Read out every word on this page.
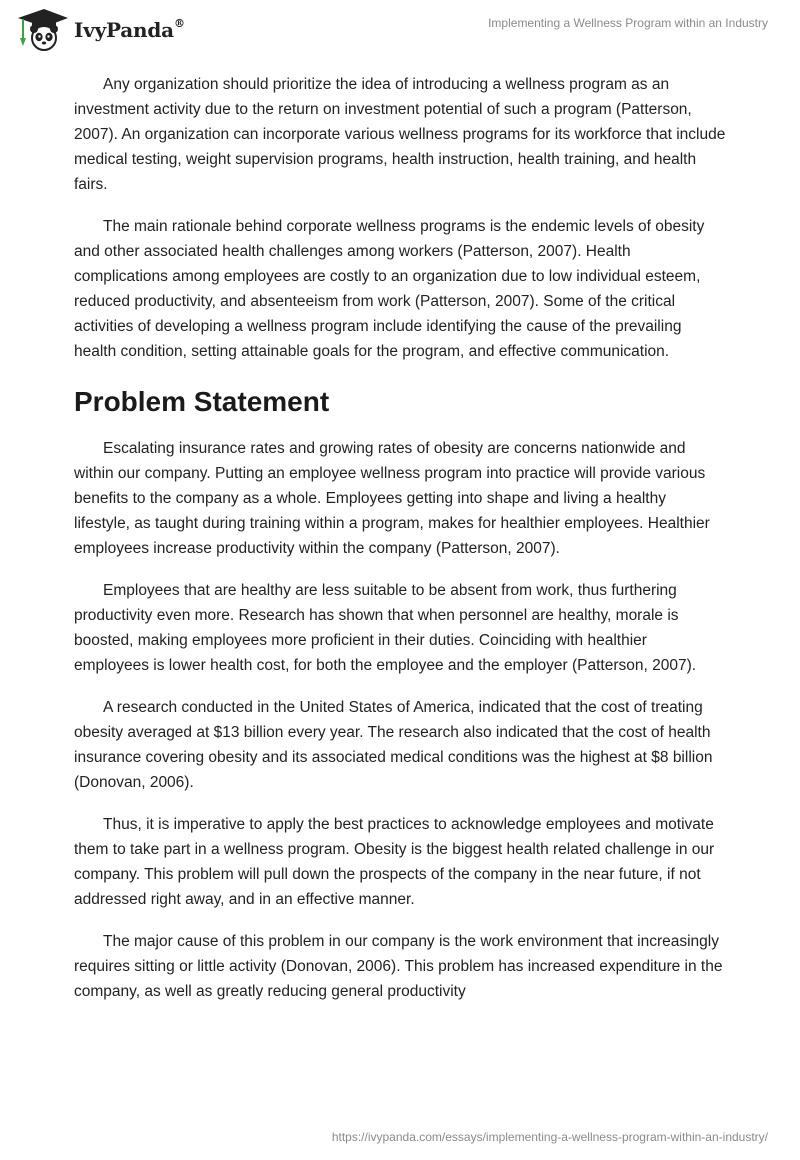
IvyPanda®	Implementing a Wellness Program within an Industry

Any organization should prioritize the idea of introducing a wellness program as an investment activity due to the return on investment potential of such a program (Patterson, 2007). An organization can incorporate various wellness programs for its workforce that include medical testing, weight supervision programs, health instruction, health training, and health fairs.

The main rationale behind corporate wellness programs is the endemic levels of obesity and other associated health challenges among workers (Patterson, 2007). Health complications among employees are costly to an organization due to low individual esteem, reduced productivity, and absenteeism from work (Patterson, 2007). Some of the critical activities of developing a wellness program include identifying the cause of the prevailing health condition, setting attainable goals for the program, and effective communication.

Problem Statement

Escalating insurance rates and growing rates of obesity are concerns nationwide and within our company. Putting an employee wellness program into practice will provide various benefits to the company as a whole. Employees getting into shape and living a healthy lifestyle, as taught during training within a program, makes for healthier employees. Healthier employees increase productivity within the company (Patterson, 2007).

Employees that are healthy are less suitable to be absent from work, thus furthering productivity even more. Research has shown that when personnel are healthy, morale is boosted, making employees more proficient in their duties. Coinciding with healthier employees is lower health cost, for both the employee and the employer (Patterson, 2007).

A research conducted in the United States of America, indicated that the cost of treating obesity averaged at $13 billion every year. The research also indicated that the cost of health insurance covering obesity and its associated medical conditions was the highest at $8 billion (Donovan, 2006).

Thus, it is imperative to apply the best practices to acknowledge employees and motivate them to take part in a wellness program. Obesity is the biggest health related challenge in our company. This problem will pull down the prospects of the company in the near future, if not addressed right away, and in an effective manner.

The major cause of this problem in our company is the work environment that increasingly requires sitting or little activity (Donovan, 2006). This problem has increased expenditure in the company, as well as greatly reducing general productivity

https://ivypanda.com/essays/implementing-a-wellness-program-within-an-industry/
